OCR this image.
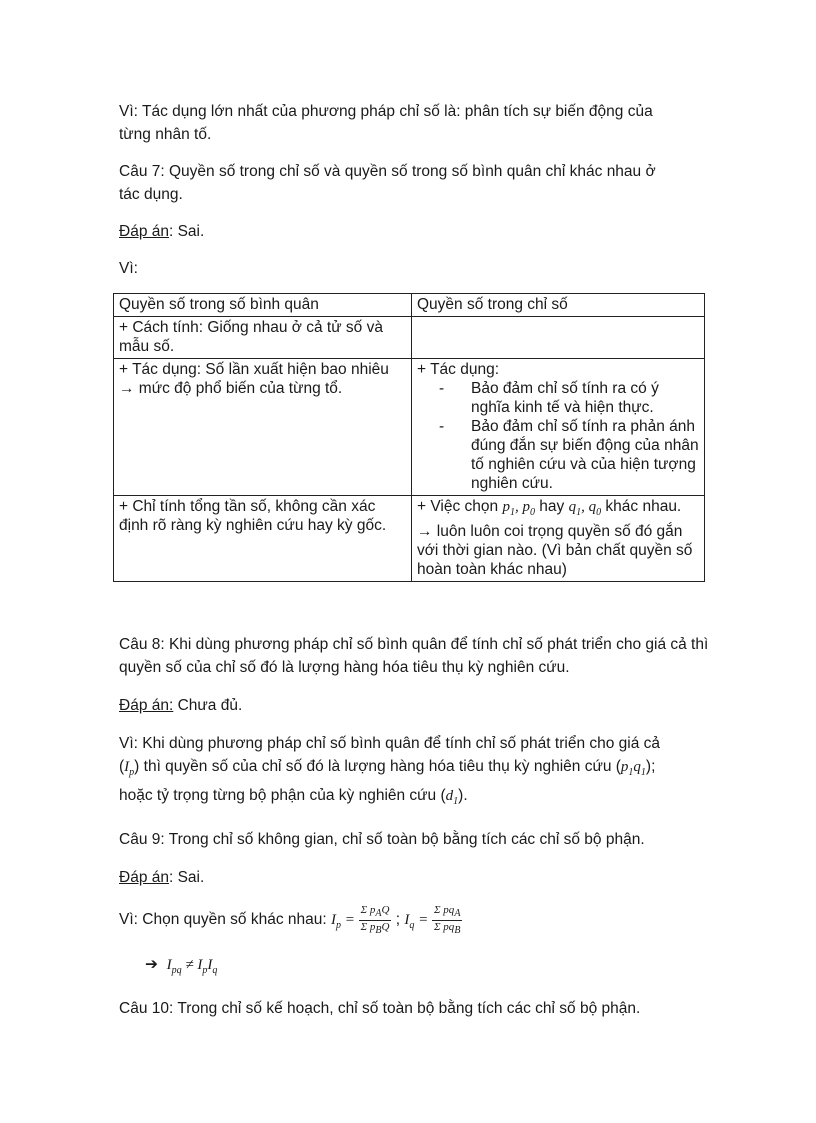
Vì: Tác dụng lớn nhất của phương pháp chỉ số là: phân tích sự biến động của

từng nhân tố.

Câu 7: Quyền số trong chỉ số và quyền số trong số bình quân chỉ khác nhau ở

tác dụng.

Đáp án: Sai.

Vì:

Quyền số trong số bình quân	Quyền số trong chỉ số
+ Cách tính: Giống nhau ở cả tử số và mẫu số.	
+ Tác dụng: Số lần xuất hiện bao nhiêu → mức độ phổ biến của từng tổ.	+ Tác dụng:
- Bảo đảm chỉ số tính ra có ý nghĩa kinh tế và hiện thực.
- Bảo đảm chỉ số tính ra phản ánh đúng đắn sự biến động của nhân tố nghiên cứu và của hiện tượng nghiên cứu.

+ Chỉ tính tổng tần số, không cần xác định rõ ràng kỳ nghiên cứu hay kỳ gốc.	+ Việc chọn $p_1$, $p_0$ hay $q_1$, $q_0$ khác nhau.
→ luôn luôn coi trọng quyền số đó gắn với thời gian nào. (Vì bản chất quyền số hoàn toàn khác nhau)

Câu 8: Khi dùng phương pháp chỉ số bình quân để tính chỉ số phát triển cho giá cả thì quyền số của chỉ số đó là lượng hàng hóa tiêu thụ kỳ nghiên cứu.

Đáp án: Chưa đủ.

Vì: Khi dùng phương pháp chỉ số bình quân để tính chỉ số phát triển cho giá cả

$(I_p)$ thì quyền số của chỉ số đó là lượng hàng hóa tiêu thụ kỳ nghiên cứu $(p_1q_1)$;

hoặc tỷ trọng từng bộ phận của kỳ nghiên cứu $(d_1)$.

Câu 9: Trong chỉ số không gian, chỉ số toàn bộ bằng tích các chỉ số bộ phận.

Đáp án: Sai.

Vì: Chọn quyền số khác nhau: $I_p = \frac{\Sigma p_AQ}{\Sigma p_BQ}$ ; $I_q = \frac{\Sigma pq_A}{\Sigma pq_B}$

➔ $I_{pq} \ne I_pI_q$

Câu 10: Trong chỉ số kế hoạch, chỉ số toàn bộ bằng tích các chỉ số bộ phận.
